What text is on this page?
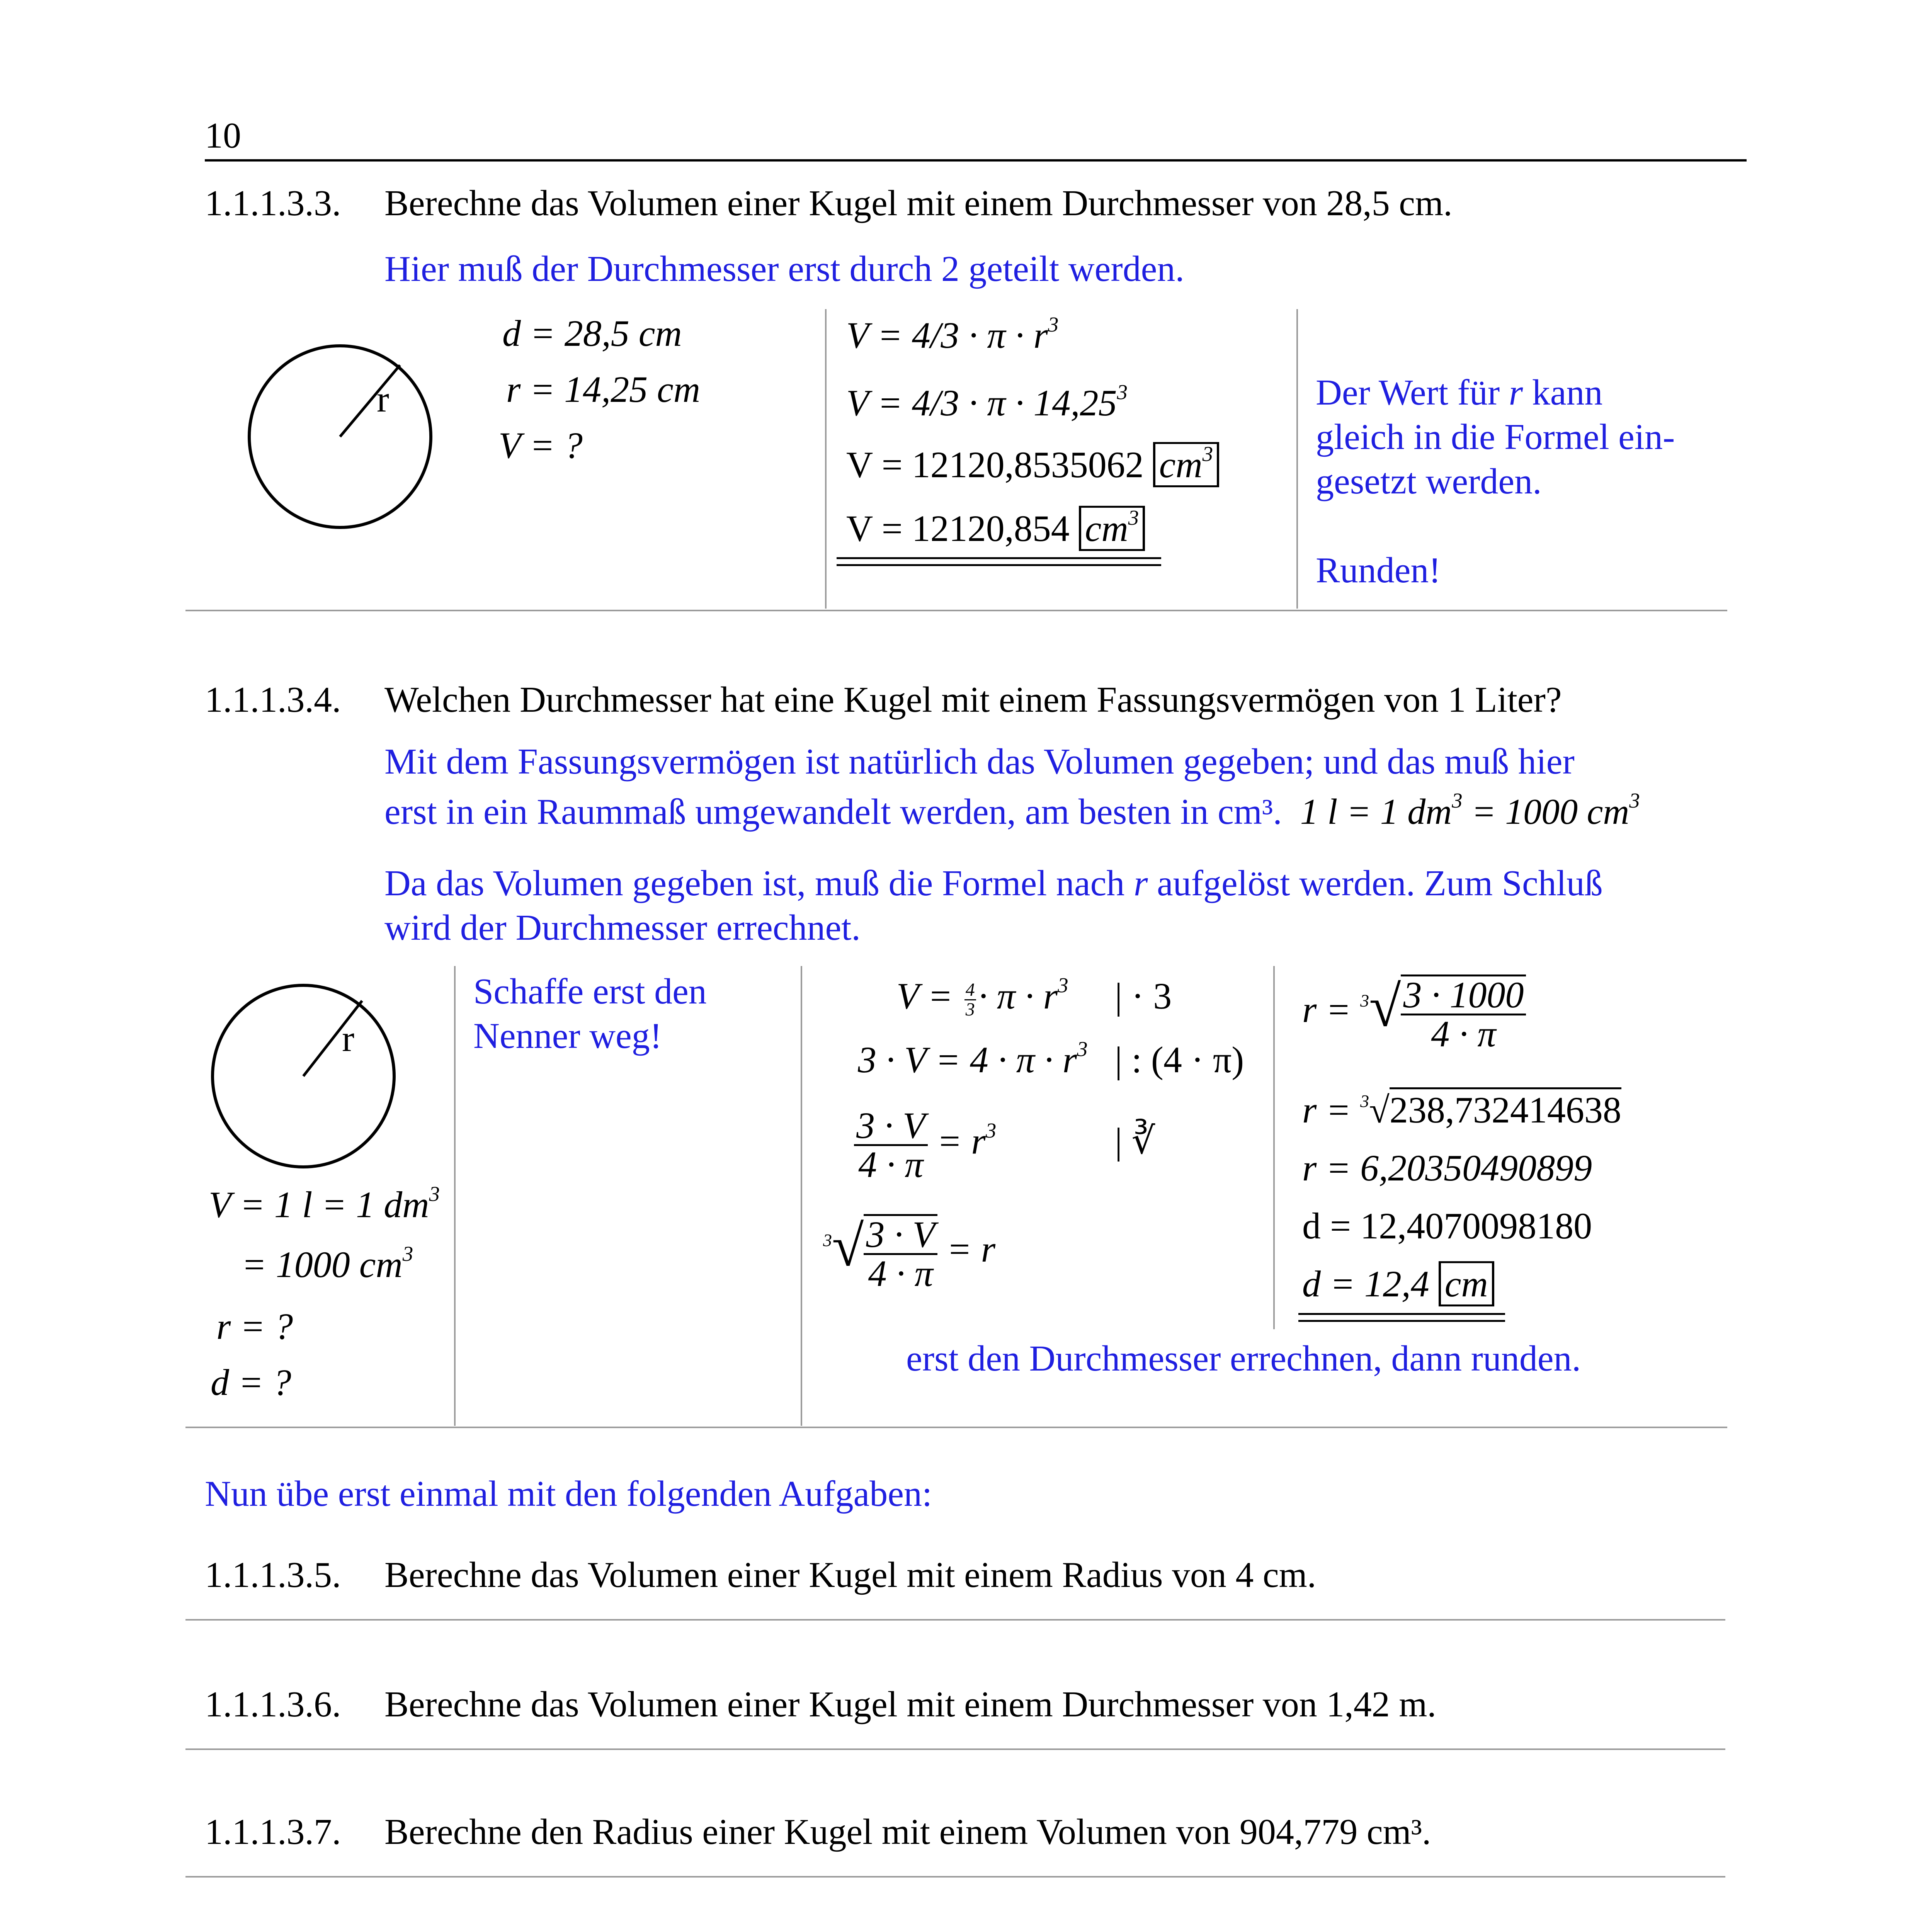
10
1.1.1.3.3. Berechne das Volumen einer Kugel mit einem Durchmesser von 28,5 cm.
Hier muß der Durchmesser erst durch 2 geteilt werden.
r
d = 28,5 cm
r = 14,25 cm
V = ?
$V = 4/3 \cdot \pi \cdot r^3$
$V = 4/3 \cdot \pi \cdot 14,25^3$
V = 12120,8535062 $cm^3$
V = 12120,854 $cm^3$
Der Wert für r kann
gleich in die Formel ein-
gesetzt werden.
Runden!
1.1.1.3.4. Welchen Durchmesser hat eine Kugel mit einem Fassungsvermögen von 1 Liter?
Mit dem Fassungsvermögen ist natürlich das Volumen gegeben; und das muß hier
erst in ein Raummaß umgewandelt werden, am besten in cm³. 1 l = 1 $dm^3 = 1000$ $cm^3$
Da das Volumen gegeben ist, muß die Formel nach r aufgelöst werden. Zum Schluß
wird der Durchmesser errechnet.
r
V = 1 l = 1 $dm^3$
= 1000 $cm^3$
r = ?
d = ?
Schaffe erst den
Nenner weg!
$V = \frac{4}{3} \cdot \pi \cdot r^3$ | · 3
$3 \cdot V = 4 \cdot \pi \cdot r^3$ | : (4 · π)
$\frac{3 \cdot V}{4 \cdot \pi} = r^3$	| ∛
$^3√ \frac{3 \cdot V}{4 \cdot \pi} = r$
$r = ^3√ \frac{3 \cdot 1000}{4 \cdot \pi}$
r = $^3$√238,732414638
r = 6,20350490899
d = 12,4070098180
d = 12,4 cm
erst den Durchmesser errechnen, dann runden.
Nun übe erst einmal mit den folgenden Aufgaben:
1.1.1.3.5. Berechne das Volumen einer Kugel mit einem Radius von 4 cm.
1.1.1.3.6. Berechne das Volumen einer Kugel mit einem Durchmesser von 1,42 m.
1.1.1.3.7. Berechne den Radius einer Kugel mit einem Volumen von 904,779 cm³.
